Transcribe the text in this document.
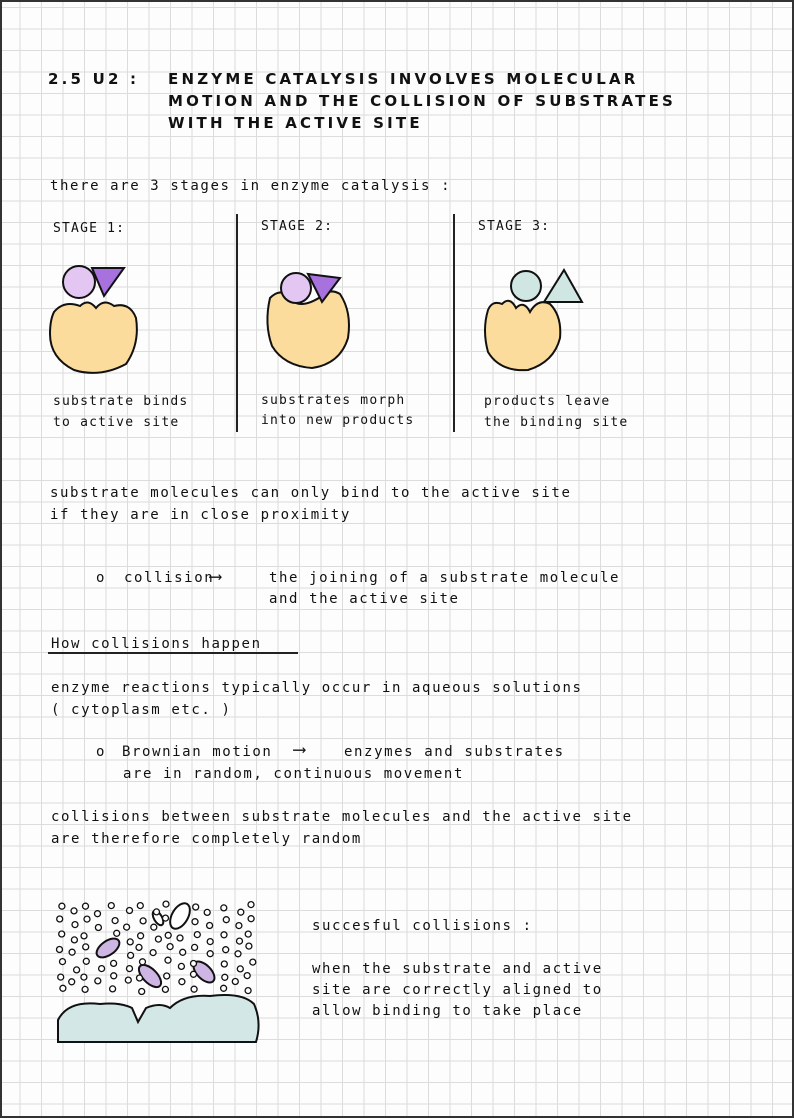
2.5 U2 : ENZYME CATALYSIS INVOLVES MOLECULAR
MOTION AND THE COLLISION OF SUBSTRATES
WITH THE ACTIVE SITE
there are 3 stages in enzyme catalysis :
STAGE 1:	STAGE 2:	STAGE 3:
substrate binds
to active site
substrates morph
into new products
products leave
the binding site
substrate molecules can only bind to the active site
if they are in close proximity
o collision
⟶	the joining of a substrate molecule
and the active site
How collisions happen
enzyme reactions typically occur in aqueous solutions
( cytoplasm etc. )
o Brownian motion ⟶	enzymes and substrates
are in random, continuous movement
collisions between substrate molecules and the active site
are therefore completely random
succesful collisions :
when the substrate and active
site are correctly aligned to
allow binding to take place
